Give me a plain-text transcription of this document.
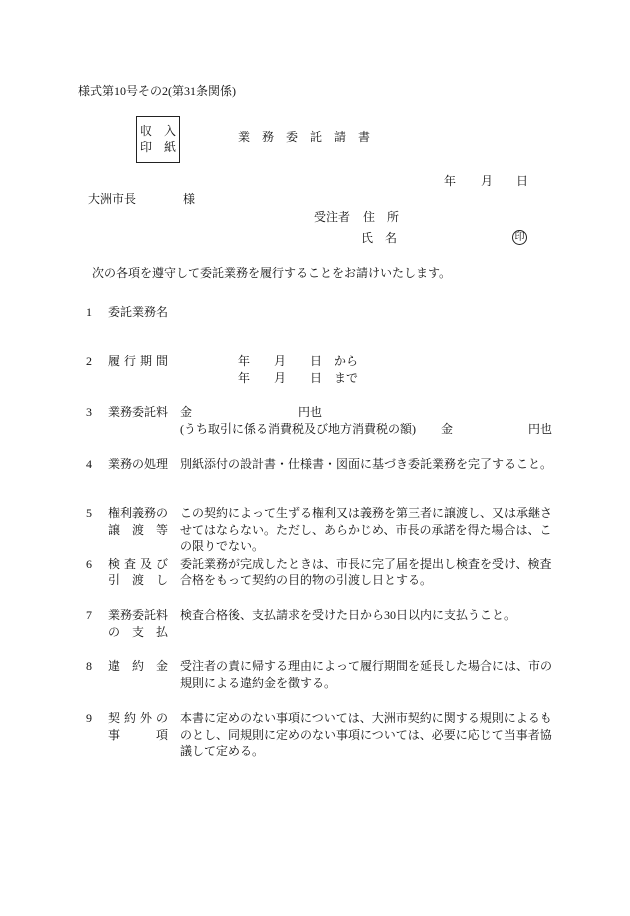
様式第10号その2(第31条関係)
収　入
印　紙
業　務　委　託　請　書
年 月 日
大洲市長	様
受注者 住　所
氏　名	印
次の各項を遵守して委託業務を履行することをお請けいたします。
1	委託業務名
2	履 行 期 間	年 月 日 から
年 月 日 まで
3	業務委託料 金	円也
(うち取引に係る消費税及び地方消費税の額) 金	円也
4	業務の処理 別紙添付の設計書・仕様書・図面に基づき委託業務を完了すること。
5	権利義務の
譲　渡　等
この契約によって生ずる権利又は義務を第三者に譲渡し、又は承継さ
せてはならない。ただし、あらかじめ、市長の承諾を得た場合は、こ
の限りでない。
6	検 査 及 び
引　渡　し
委託業務が完成したときは、市長に完了届を提出し検査を受け、検査
合格をもって契約の目的物の引渡し日とする。
7	業務委託料
の　支　払
検査合格後、支払請求を受けた日から30日以内に支払うこと。
8	違　約　金 受注者の責に帰する理由によって履行期間を延長した場合には、市の
規則による違約金を徴する。
9	契 約 外 の
事　　　項
本書に定めのない事項については、大洲市契約に関する規則によるも
のとし、同規則に定めのない事項については、必要に応じて当事者協
議して定める。
